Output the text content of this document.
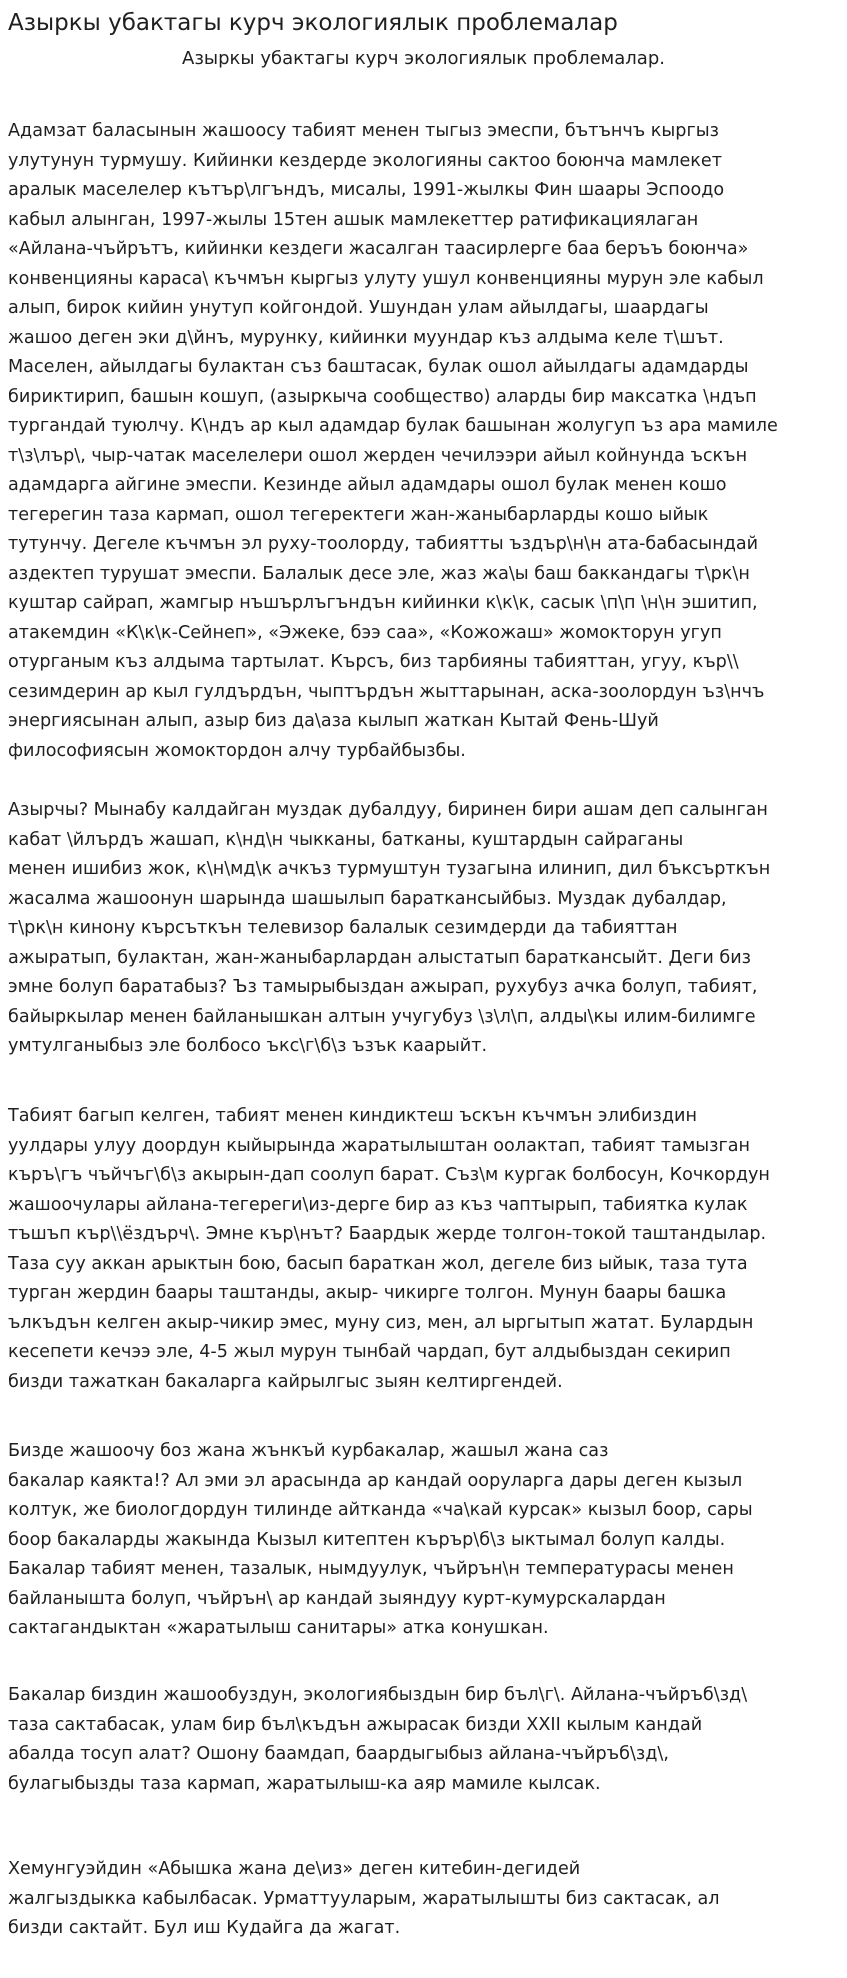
Азыркы убактагы курч экологиялык проблемалар

Азыркы убактагы курч экологиялык проблемалар.

Адамзат баласынын жашоосу табият менен тыгыз эмеспи, бътънчъ кыргыз
улутунун турмушу. Кийинки кездерде экологияны сактоо боюнча мамлекет
аралык маселелер кътър\лгъндъ, мисалы, 1991-жылкы Фин шаары Эспоодо
кабыл алынган, 1997-жылы 15тен ашык мамлекеттер ратификациялаган
«Айлана-чъйрътъ, кийинки кездеги жасалган таасирлерге баа беръъ боюнча»
конвенцияны караса\ къчмън кыргыз улуту ушул конвенцияны мурун эле кабыл
алып, бирок кийин унутуп койгондой. Ушундан улам айылдагы, шаардагы
жашоо деген эки д\йнъ, мурунку, кийинки муундар къз алдыма келе т\шът.
Маселен, айылдагы булактан съз баштасак, булак ошол айылдагы адамдарды
бириктирип, башын кошуп, (азыркыча сообщество) аларды бир максатка \ндъп
тургандай туюлчу. К\ндъ ар кыл адамдар булак башынан жолугуп ъз ара мамиле
т\з\лър\, чыр-чатак маселелери ошол жерден чечилээри айыл койнунда ъскън
адамдарга айгине эмеспи. Кезинде айыл адамдары ошол булак менен кошо
тегерегин таза кармап, ошол тегеректеги жан-жаныбарларды кошо ыйык
тутунчу. Дегеле къчмън эл руху-тоолорду, табиятты ъздър\н\н ата-бабасындай
аздектеп турушат эмеспи. Балалык десе эле, жаз жа\ы баш баккандагы т\рк\н
куштар сайрап, жамгыр нъшърлъгъндън кийинки к\к\к, сасык \п\п \н\н эшитип,
атакемдин «К\к\к-Сейнеп», «Эжеке, бээ саа», «Кожожаш» жомокторун угуп
отурганым къз алдыма тартылат. Кърсъ, биз тарбияны табияттан, угуу, кър\\
сезимдерин ар кыл гулдърдън, чыптърдън жыттарынан, аска-зоолордун ъз\нчъ
энергиясынан алып, азыр биз да\аза кылып жаткан Кытай Фень-Шуй
философиясын жомоктордон алчу турбайбызбы.

Азырчы? Мынабу калдайган муздак дубалдуу, биринен бири ашам деп салынган
кабат \йлърдъ жашап, к\нд\н чыкканы, батканы, куштардын сайраганы
менен ишибиз жок, к\н\мд\к ачкъз турмуштун тузагына илинип, дил бъксърткън
жасалма жашоонун шарында шашылып бараткансыйбыз. Муздак дубалдар,
т\рк\н кинону кърсъткън телевизор балалык сезимдерди да табияттан
ажыратып, булактан, жан-жаныбарлардан алыстатып бараткансыйт. Деги биз
эмне болуп баратабыз? Ъз тамырыбыздан ажырап, рухубуз ачка болуп, табият,
байыркылар менен байланышкан алтын учугубуз \з\л\п, алды\кы илим-билимге
умтулганыбыз эле болбосо ъкс\г\б\з ъзък каарыйт.

Табият багып келген, табият менен киндиктеш ъскън къчмън элибиздин
уулдары улуу доордун кыйырында жаратылыштан оолактап, табият тамызган
къръ\гъ чъйчъг\б\з акырын-дап соолуп барат. Съз\м кургак болбосун, Кочкордун
жашоочулары айлана-тегереги\из-дерге бир аз къз чаптырып, табиятка кулак
тъшъп кър\\ёздърч\. Эмне кър\нът? Баардык жерде толгон-токой таштандылар.
Таза суу аккан арыктын бою, басып бараткан жол, дегеле биз ыйык, таза тута
турган жердин баары таштанды, акыр- чикирге толгон. Мунун баары башка
ълкъдън келген акыр-чикир эмес, муну сиз, мен, ал ыргытып жатат. Булардын
кесепети кечээ эле, 4-5 жыл мурун тынбай чардап, бут алдыбыздан секирип
бизди тажаткан бакаларга кайрылгыс зыян келтиргендей.

Бизде жашоочу боз жана жънкъй курбакалар, жашыл жана саз
бакалар каякта!? Ал эми эл арасында ар кандай ооруларга дары деген кызыл
колтук, же биологдордун тилинде айтканда «ча\кай курсак» кызыл боор, сары
боор бакаларды жакында Кызыл китептен кърър\б\з ыктымал болуп калды.
Бакалар табият менен, тазалык, нымдуулук, чъйрън\н температурасы менен
байланышта болуп, чъйрън\ ар кандай зыяндуу курт-кумурскалардан
сактагандыктан «жаратылыш санитары» атка конушкан.

Бакалар биздин жашообуздун, экологиябыздын бир бъл\г\. Айлана-чъйръб\зд\
таза сактабасак, улам бир бъл\къдън ажырасак бизди XXII кылым кандай
абалда тосуп алат? Ошону баамдап, баардыгыбыз айлана-чъйръб\зд\,
булагыбызды таза кармап, жаратылыш-ка аяр мамиле кылсак.

Хемунгуэйдин «Абышка жана де\из» деген китебин-дегидей
жалгыздыкка кабылбасак. Урматтууларым, жаратылышты биз сактасак, ал
бизди сактайт. Бул иш Кудайга да жагат.
